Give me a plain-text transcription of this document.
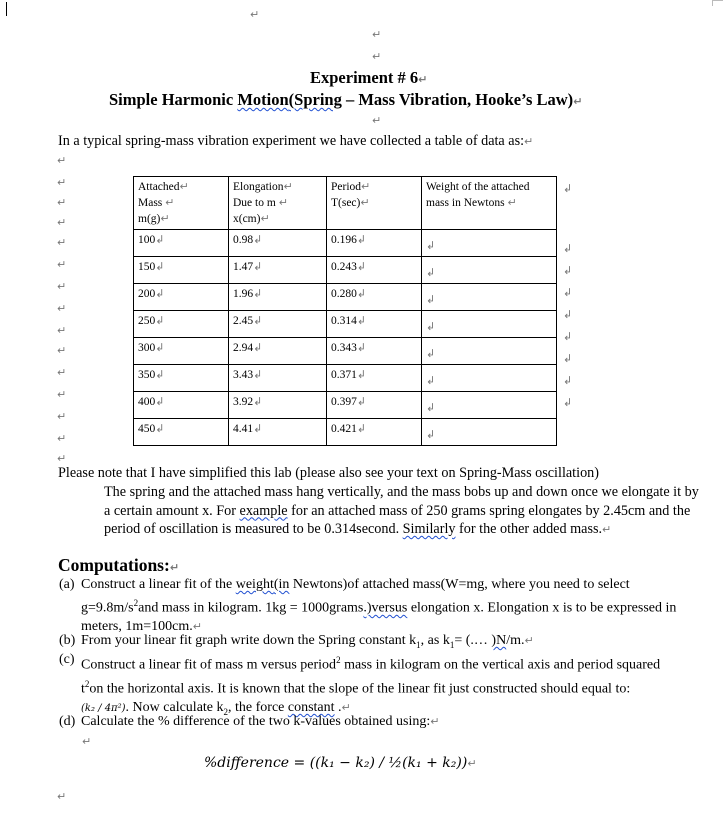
↵
↵
↵
Experiment # 6↵
Simple Harmonic Motion(Spring – Mass Vibration, Hooke’s Law)↵
↵
In a typical spring-mass vibration experiment we have collected a table of data as:↵
↵
↵
↵
↵
↵
↵
↵
↵
↵
↵
↵
↵
↵
↵
↵
Attached↵
Mass ↵
m(g)↵	Elongation↵
Due to m ↵
x(cm)↵	Period↵
T(sec)↵	Weight of the attached
mass in Newtons ↵

100↲	0.98↲	0.196↲	↲
150↲	1.47↲	0.243↲	↲
200↲	1.96↲	0.280↲	↲
250↲	2.45↲	0.314↲	↲
300↲	2.94↲	0.343↲	↲
350↲	3.43↲	0.371↲	↲
400↲	3.92↲	0.397↲	↲
450↲	4.41↲	0.421↲	↲
↲
↲
↲
↲
↲
↲
↲
↲
↲
Please note that I have simplified this lab (please also see your text on Spring-Mass oscillation)
The spring and the attached mass hang vertically, and the mass bobs up and down once we elongate it by a certain amount x. For example for an attached mass of 250 grams spring elongates by 2.45cm and the period of oscillation is measured to be 0.314second. Similarly for the other added mass.↵
Computations:↵
(a) Construct a linear fit of the weight(in Newtons)of attached mass(W=mg, where you need to select $g=9.8m/s^2and$ mass in kilogram. 1kg = 1000grams.)versus elongation x. Elongation x is to be expressed in meters, 1m=100cm.↵
(b) From your linear fit graph write down the Spring constant $k_1$, as $k_1=$ (.… )N/m.↵
(c) Construct a linear fit of mass m versus period$^2$ mass in kilogram on the vertical axis and period squared $t^2on$ the horizontal axis. It is known that the slope of the linear fit just constructed should equal to: (k₂ / 4π²). Now calculate $k_2$, the force constant .↵
(d) Calculate the % difference of the two k-values obtained using:↵
↵
%difference = ((k₁ − k₂) / ½(k₁ + k₂))↵
↵
